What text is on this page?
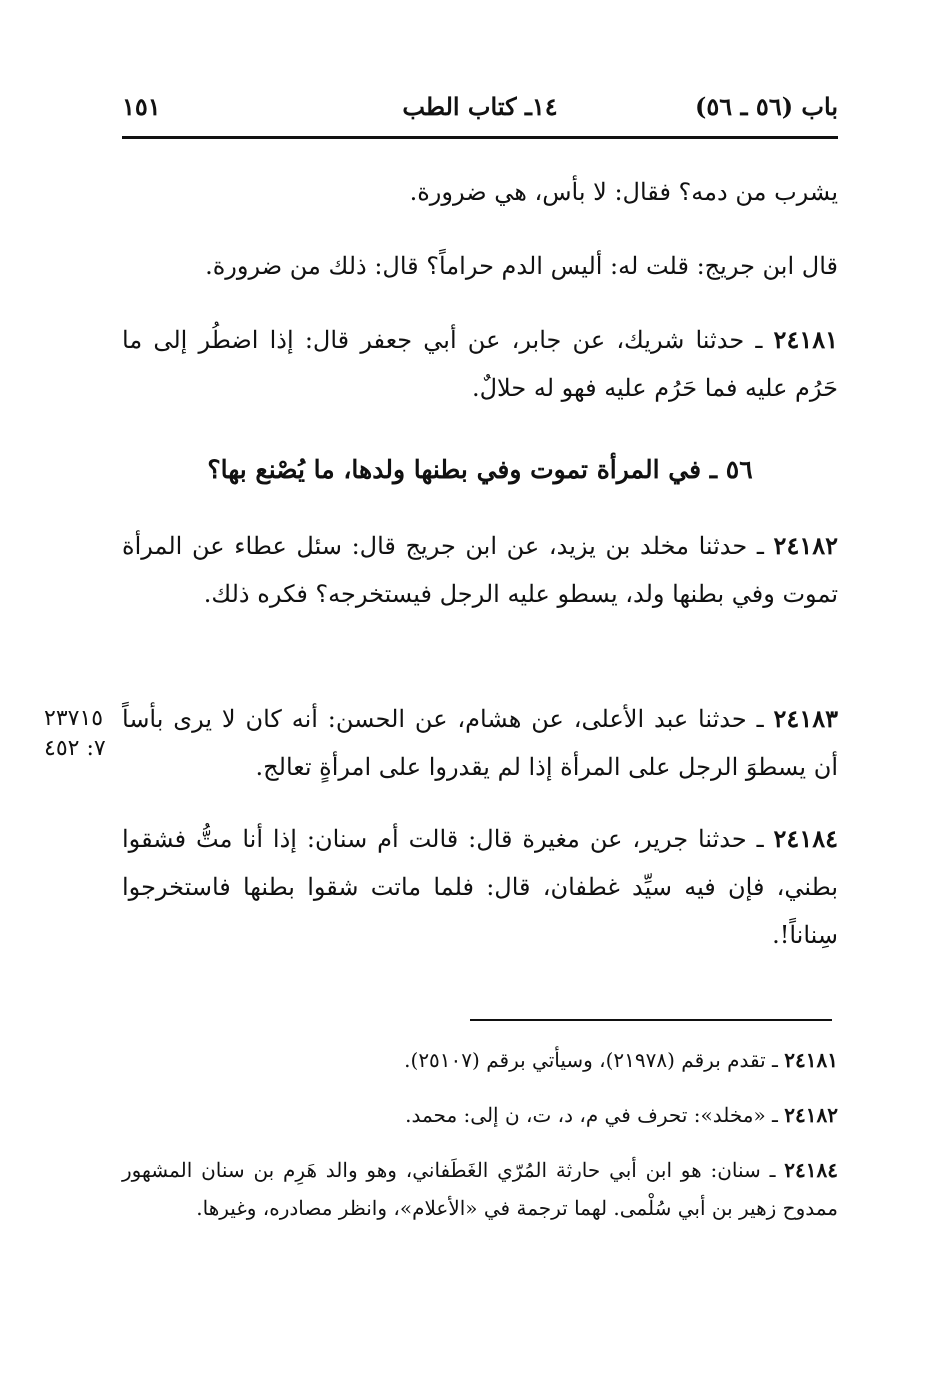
باب (٥٦ ـ ٥٦)
١٤ـ كتاب الطب
١٥١
يشرب من دمه؟ فقال: لا بأس، هي ضرورة.
قال ابن جريج: قلت له: أليس الدم حراماً؟ قال: ذلك من ضرورة.
٢٤١٨١ ـ حدثنا شريك، عن جابر، عن أبي جعفر قال: إذا اضطُر إلى ما حَرُم عليه فما حَرُم عليه فهو له حلالٌ.
٥٦ ـ في المرأة تموت وفي بطنها ولدها، ما يُصْنع بها؟
٢٤١٨٢ ـ حدثنا مخلد بن يزيد، عن ابن جريج قال: سئل عطاء عن المرأة تموت وفي بطنها ولد، يسطو عليه الرجل فيستخرجه؟ فكره ذلك.
٢٤١٨٣ ـ حدثنا عبد الأعلى، عن هشام، عن الحسن: أنه كان لا يرى بأساً أن يسطوَ الرجل على المرأة إذا لم يقدروا على امرأةٍ تعالج.
٢٣٧١٥
٧: ٤٥٢
٢٤١٨٤ ـ حدثنا جرير، عن مغيرة قال: قالت أم سنان: إذا أنا متُّ فشقوا بطني، فإن فيه سيِّد غطفان، قال: فلما ماتت شقوا بطنها فاستخرجوا سِناناً!.
٢٤١٨١ ـ تقدم برقم (٢١٩٧٨)، وسيأتي برقم (٢٥١٠٧).
٢٤١٨٢ ـ «مخلد»: تحرف في م، د، ت، ن إلى: محمد.
٢٤١٨٤ ـ سنان: هو ابن أبي حارثة المُرّي الغَطَفاني، وهو والد هَرِم بن سنان المشهور ممدوح زهير بن أبي سُلْمى. لهما ترجمة في «الأعلام»، وانظر مصادره، وغيرها.
